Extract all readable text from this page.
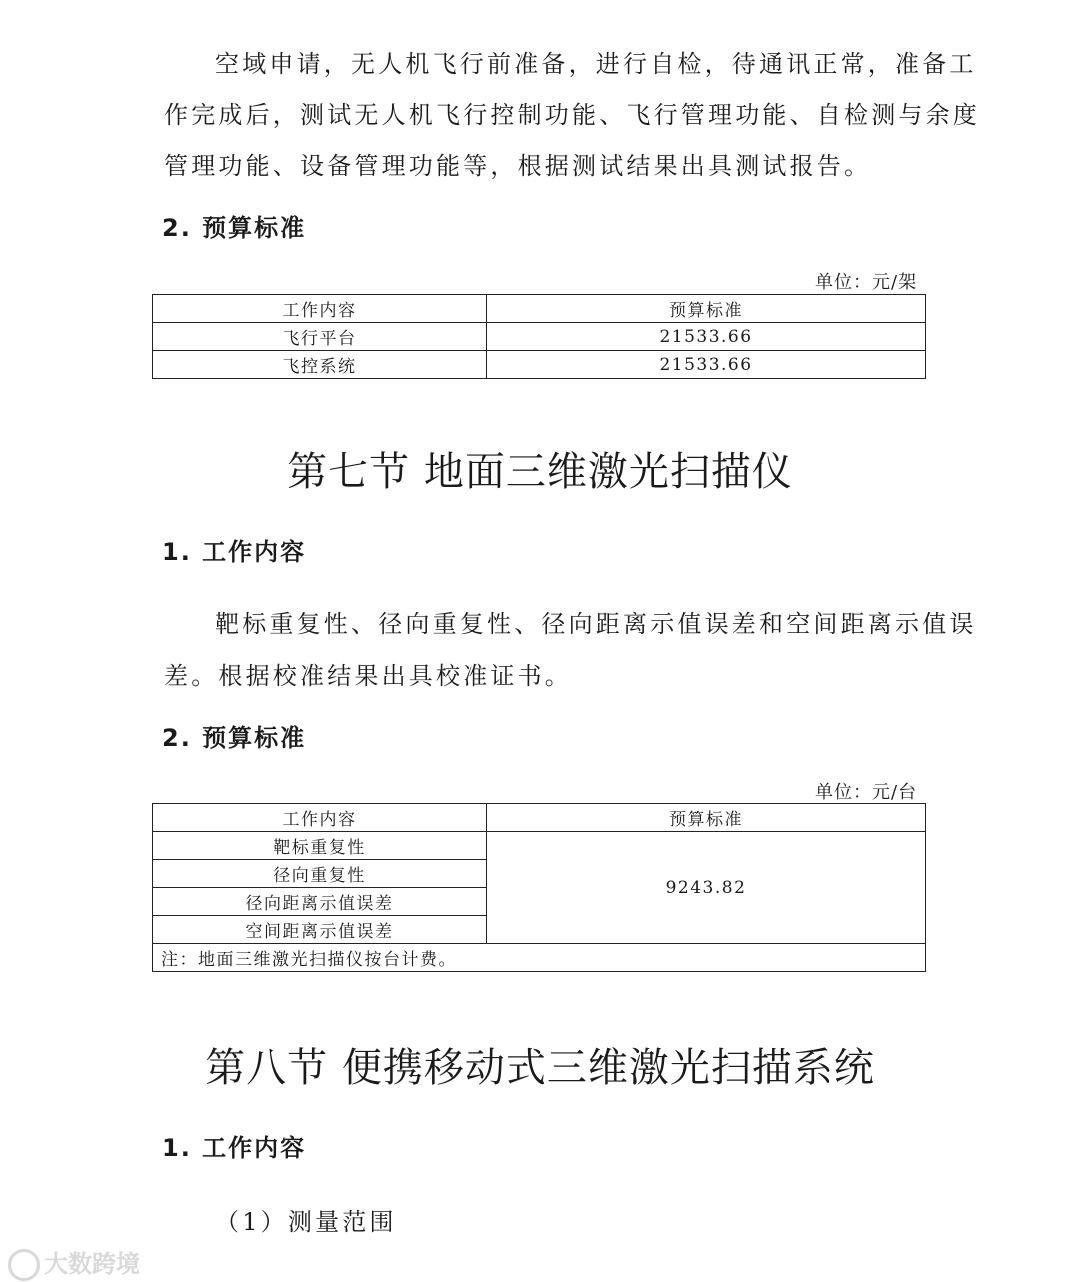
空域申请，无人机飞行前准备，进行自检，待通讯正常，准备工
作完成后，测试无人机飞行控制功能、飞行管理功能、自检测与余度
管理功能、设备管理功能等，根据测试结果出具测试报告。
2. 预算标准
单位：元/架
工作内容	预算标准
飞行平台	21533.66
飞控系统	21533.66
第七节 地面三维激光扫描仪
1. 工作内容
靶标重复性、径向重复性、径向距离示值误差和空间距离示值误
差。根据校准结果出具校准证书。
2. 预算标准
单位：元/台
工作内容	预算标准
靶标重复性	9243.82
径向重复性	
径向距离示值误差	
空间距离示值误差	
注：地面三维激光扫描仪按台计费。	
第八节 便携移动式三维激光扫描系统
1. 工作内容
（1）测量范围
大数跨境
